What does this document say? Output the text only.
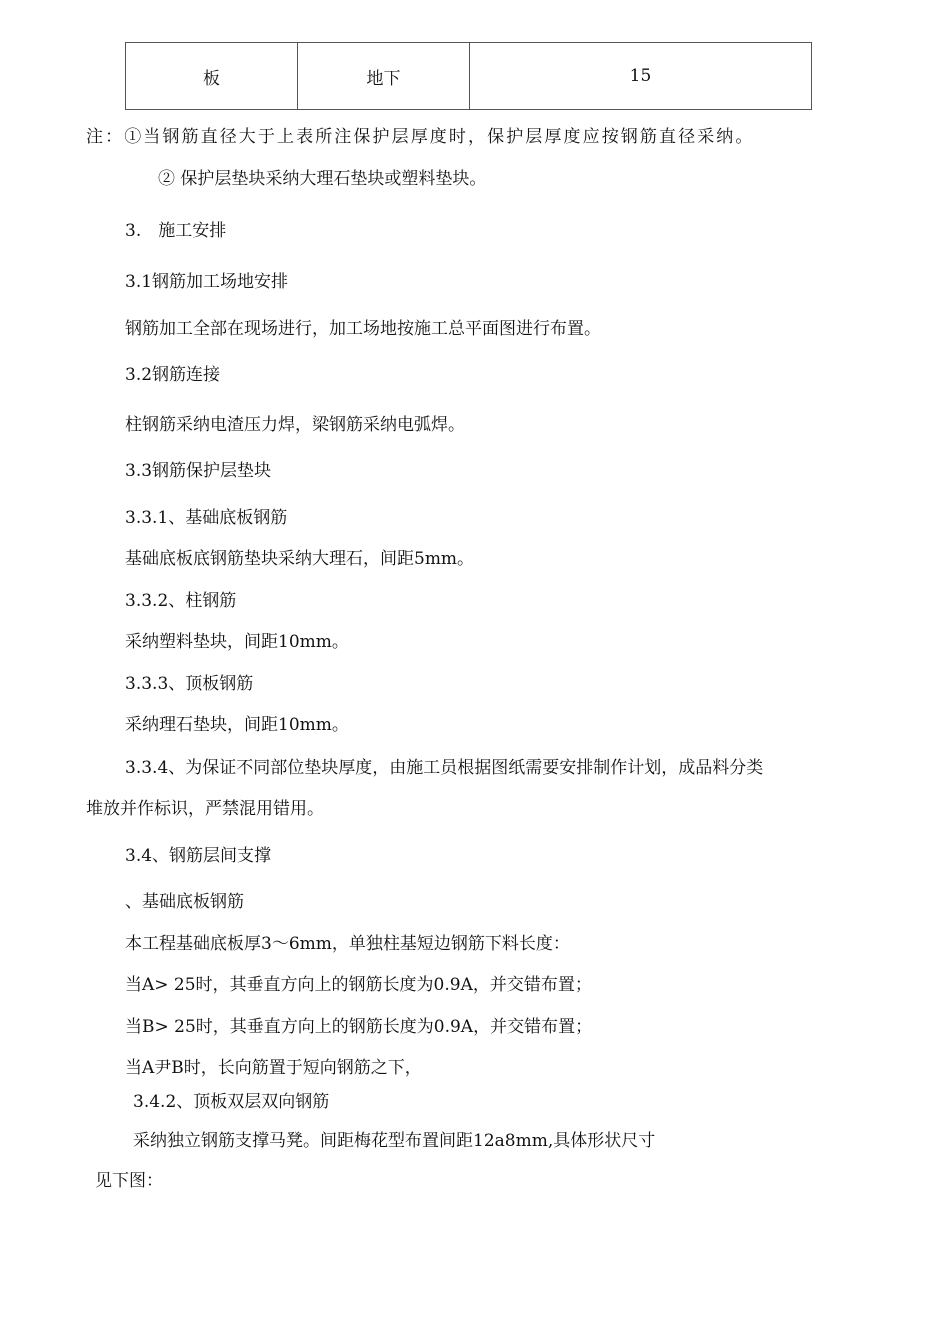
板	地下	15
注：①当钢筋直径大于上表所注保护层厚度时，保护层厚度应按钢筋直径采纳。
② 保护层垫块采纳大理石垫块或塑料垫块。
3.　施工安排
3.1钢筋加工场地安排
钢筋加工全部在现场进行，加工场地按施工总平面图进行布置。
3.2钢筋连接
柱钢筋采纳电渣压力焊，梁钢筋采纳电弧焊。
3.3钢筋保护层垫块
3.3.1、基础底板钢筋
基础底板底钢筋垫块采纳大理石，间距5mm。
3.3.2、柱钢筋
采纳塑料垫块，间距10mm。
3.3.3、顶板钢筋
采纳理石垫块，间距10mm。
3.3.4、为保证不同部位垫块厚度，由施工员根据图纸需要安排制作计划，成品料分类
堆放并作标识，严禁混用错用。
3.4、钢筋层间支撑
、基础底板钢筋
本工程基础底板厚3〜6mm，单独柱基短边钢筋下料长度：
当A> 25时，其垂直方向上的钢筋长度为0.9A，并交错布置；
当B> 25时，其垂直方向上的钢筋长度为0.9A，并交错布置；
当A尹B时，长向筋置于短向钢筋之下，
3.4.2、顶板双层双向钢筋
采纳独立钢筋支撑马凳。间距梅花型布置间距12a8mm,具体形状尺寸
见下图：
